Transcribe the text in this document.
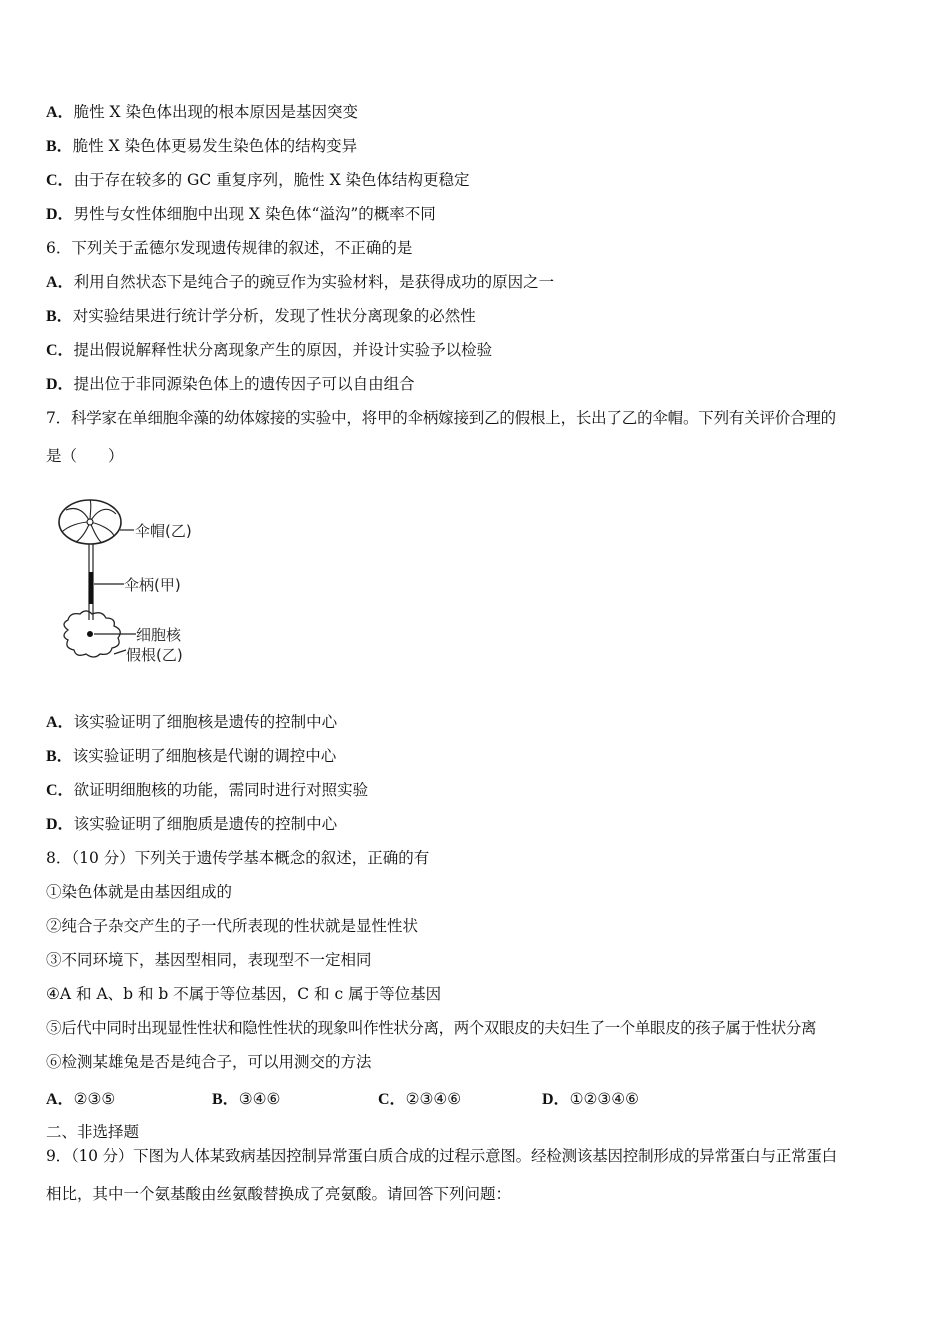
A．脆性 X 染色体出现的根本原因是基因突变
B．脆性 X 染色体更易发生染色体的结构变异
C．由于存在较多的 GC 重复序列，脆性 X 染色体结构更稳定
D．男性与女性体细胞中出现 X 染色体“溢沟”的概率不同
6．下列关于孟德尔发现遗传规律的叙述，不正确的是
A．利用自然状态下是纯合子的豌豆作为实验材料，是获得成功的原因之一
B．对实验结果进行统计学分析，发现了性状分离现象的必然性
C．提出假说解释性状分离现象产生的原因，并设计实验予以检验
D．提出位于非同源染色体上的遗传因子可以自由组合
7．科学家在单细胞伞藻的幼体嫁接的实验中，将甲的伞柄嫁接到乙的假根上，长出了乙的伞帽。下列有关评价合理的
是（　　）
伞帽(乙)
伞柄(甲)
细胞核
假根(乙)
A．该实验证明了细胞核是遗传的控制中心
B．该实验证明了细胞核是代谢的调控中心
C．欲证明细胞核的功能，需同时进行对照实验
D．该实验证明了细胞质是遗传的控制中心
8．（10 分）下列关于遗传学基本概念的叙述，正确的有
①染色体就是由基因组成的
②纯合子杂交产生的子一代所表现的性状就是显性性状
③不同环境下，基因型相同，表现型不一定相同
④A 和 A、b 和 b 不属于等位基因，C 和 c 属于等位基因
⑤后代中同时出现显性性状和隐性性状的现象叫作性状分离，两个双眼皮的夫妇生了一个单眼皮的孩子属于性状分离
⑥检测某雄兔是否是纯合子，可以用测交的方法
A．②③⑤	B．③④⑥	C．②③④⑥	D．①②③④⑥
二、非选择题
9．（10 分）下图为人体某致病基因控制异常蛋白质合成的过程示意图。经检测该基因控制形成的异常蛋白与正常蛋白
相比，其中一个氨基酸由丝氨酸替换成了亮氨酸。请回答下列问题：
